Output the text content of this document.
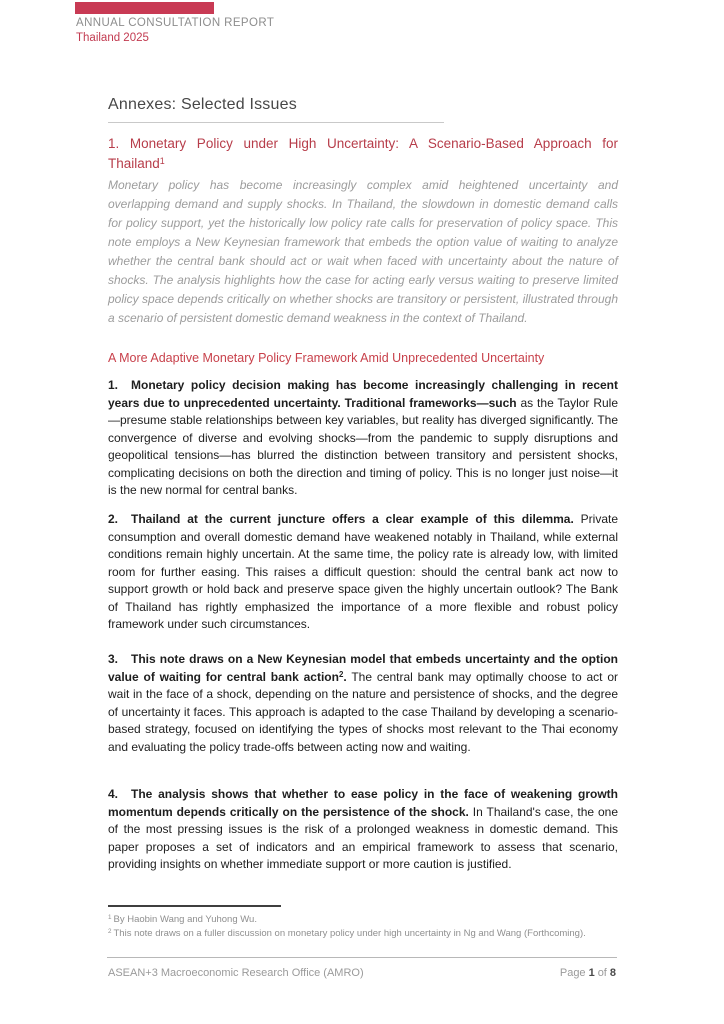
ANNUAL CONSULTATION REPORT
Thailand 2025
Annexes: Selected Issues
1. Monetary Policy under High Uncertainty: A Scenario-Based Approach for
Thailand$^1$
Monetary policy has become increasingly complex amid heightened uncertainty and overlapping demand and supply shocks. In Thailand, the slowdown in domestic demand calls for policy support, yet the historically low policy rate calls for preservation of policy space. This note employs a New Keynesian framework that embeds the option value of waiting to analyze whether the central bank should act or wait when faced with uncertainty about the nature of shocks. The analysis highlights how the case for acting early versus waiting to preserve limited policy space depends critically on whether shocks are transitory or persistent, illustrated through a scenario of persistent domestic demand weakness in the context of Thailand.
A More Adaptive Monetary Policy Framework Amid Unprecedented Uncertainty
1. Monetary policy decision making has become increasingly challenging in recent years due to unprecedented uncertainty. Traditional frameworks—such as the Taylor Rule—presume stable relationships between key variables, but reality has diverged significantly. The convergence of diverse and evolving shocks—from the pandemic to supply disruptions and geopolitical tensions—has blurred the distinction between transitory and persistent shocks, complicating decisions on both the direction and timing of policy. This is no longer just noise—it is the new normal for central banks.
2. Thailand at the current juncture offers a clear example of this dilemma. Private consumption and overall domestic demand have weakened notably in Thailand, while external conditions remain highly uncertain. At the same time, the policy rate is already low, with limited room for further easing. This raises a difficult question: should the central bank act now to support growth or hold back and preserve space given the highly uncertain outlook? The Bank of Thailand has rightly emphasized the importance of a more flexible and robust policy framework under such circumstances.
3. This note draws on a New Keynesian model that embeds uncertainty and the option value of waiting for central bank action$^2$. The central bank may optimally choose to act or wait in the face of a shock, depending on the nature and persistence of shocks, and the degree of uncertainty it faces. This approach is adapted to the case Thailand by developing a scenario-based strategy, focused on identifying the types of shocks most relevant to the Thai economy and evaluating the policy trade-offs between acting now and waiting.
4. The analysis shows that whether to ease policy in the face of weakening growth momentum depends critically on the persistence of the shock. In Thailand's case, the one of the most pressing issues is the risk of a prolonged weakness in domestic demand. This paper proposes a set of indicators and an empirical framework to assess that scenario, providing insights on whether immediate support or more caution is justified.

$^1$ By Haobin Wang and Yuhong Wu.

$^2$ This note draws on a fuller discussion on monetary policy under high uncertainty in Ng and Wang (Forthcoming).

ASEAN+3 Macroeconomic Research Office (AMRO)	Page 1 of 8
